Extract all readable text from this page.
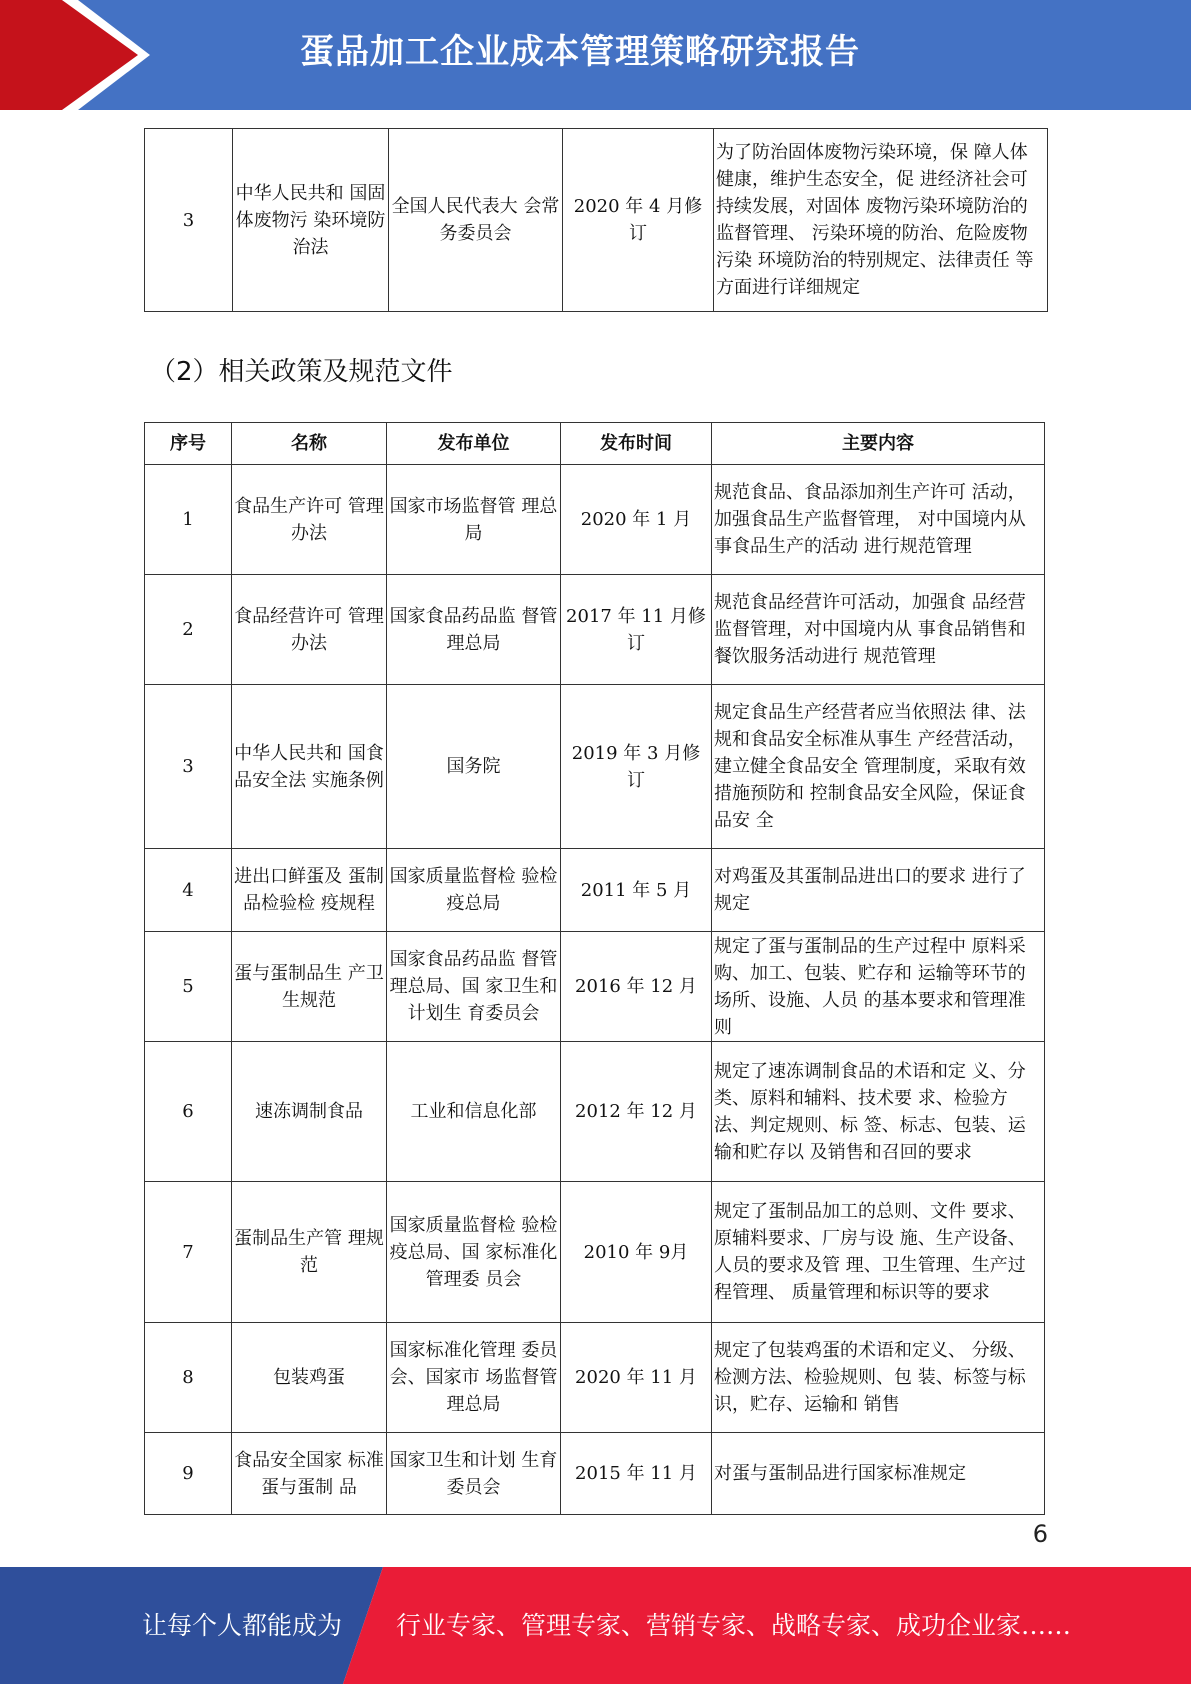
蛋品加工企业成本管理策略研究报告
3	中华人民共和 国固体废物污 染环境防治法	全国人民代表大 会常务委员会	2020 年 4 月修 订	为了防治固体废物污染环境，保 障人体健康，维护生态安全，促 进经济社会可持续发展，对固体 废物污染环境防治的监督管理、 污染环境的防治、危险废物污染 环境防治的特别规定、法律责任 等方面进行详细规定
（2）相关政策及规范文件
序号	名称	发布单位	发布时间	主要内容
1	食品生产许可 管理办法	国家市场监督管 理总局	2020 年 1 月	规范食品、食品添加剂生产许可 活动，加强食品生产监督管理， 对中国境内从事食品生产的活动 进行规范管理
2	食品经营许可 管理办法	国家食品药品监 督管理总局	2017 年 11 月修订	规范食品经营许可活动，加强食 品经营监督管理，对中国境内从 事食品销售和餐饮服务活动进行 规范管理
3	中华人民共和 国食品安全法 实施条例	国务院	2019 年 3 月修 订	规定食品生产经营者应当依照法 律、法规和食品安全标准从事生 产经营活动，建立健全食品安全 管理制度，采取有效措施预防和 控制食品安全风险，保证食品安 全
4	进出口鲜蛋及 蛋制品检验检 疫规程	国家质量监督检 验检疫总局	2011 年 5 月	对鸡蛋及其蛋制品进出口的要求 进行了规定
5	蛋与蛋制品生 产卫生规范	国家食品药品监 督管理总局、国 家卫生和计划生 育委员会	2016 年 12 月	规定了蛋与蛋制品的生产过程中 原料采购、加工、包装、贮存和 运输等环节的场所、设施、人员 的基本要求和管理准则
6	速冻调制食品	工业和信息化部	2012 年 12 月	规定了速冻调制食品的术语和定 义、分类、原料和辅料、技术要 求、检验方法、判定规则、标 签、标志、包装、运输和贮存以 及销售和召回的要求
7	蛋制品生产管 理规范	国家质量监督检 验检疫总局、国 家标准化管理委 员会	2010 年 9月	规定了蛋制品加工的总则、文件 要求、原辅料要求、厂房与设 施、生产设备、人员的要求及管 理、卫生管理、生产过程管理、 质量管理和标识等的要求
8	包装鸡蛋	国家标准化管理 委员会、国家市 场监督管理总局	2020 年 11 月	规定了包装鸡蛋的术语和定义、 分级、检测方法、检验规则、包 装、标签与标识，贮存、运输和 销售
9	食品安全国家 标准蛋与蛋制 品	国家卫生和计划 生育委员会	2015 年 11 月	对蛋与蛋制品进行国家标准规定
6
让每个人都能成为 行业专家、管理专家、营销专家、战略专家、成功企业家……
